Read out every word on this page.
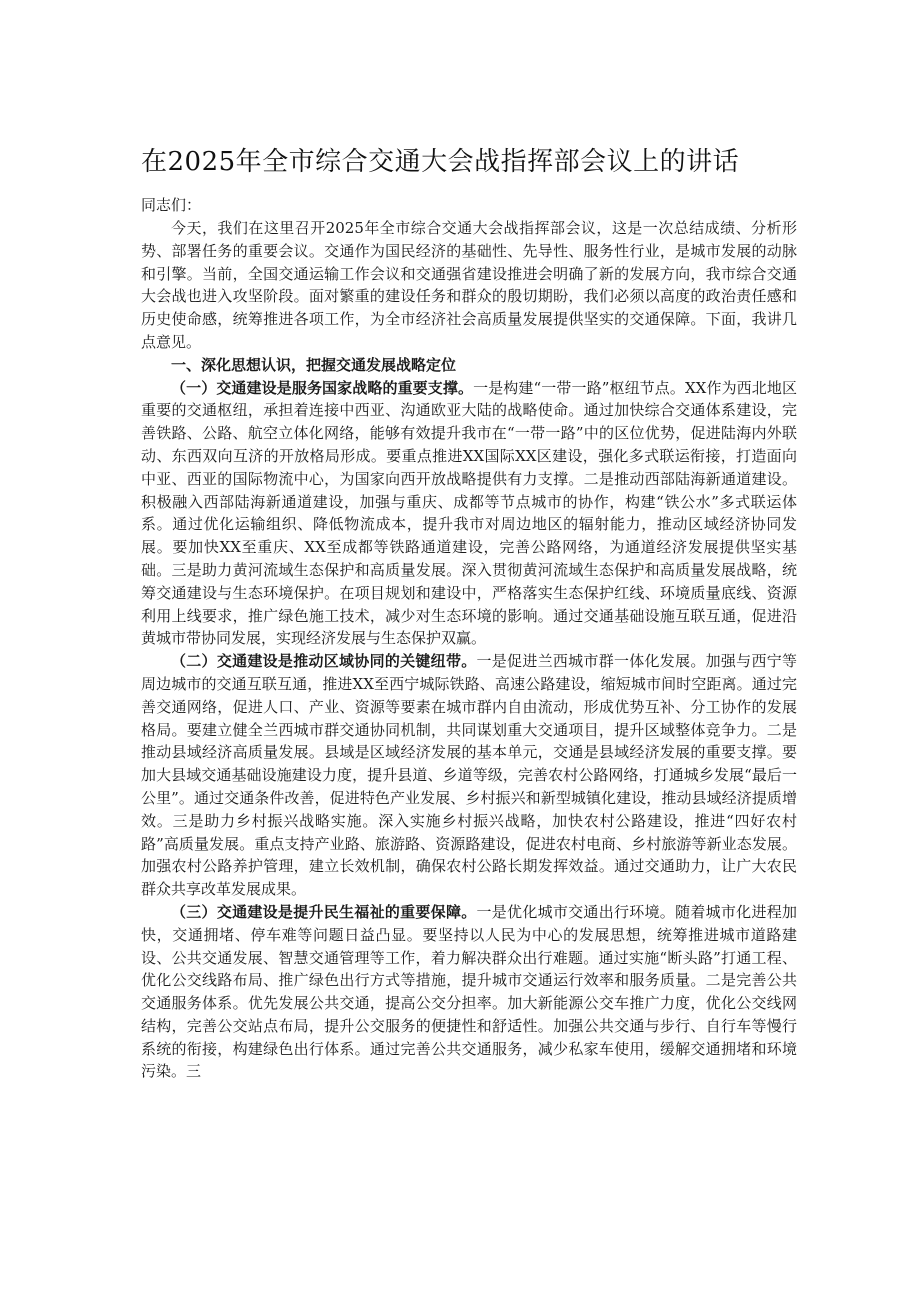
在2025年全市综合交通大会战指挥部会议上的讲话

同志们：

今天，我们在这里召开2025年全市综合交通大会战指挥部会议，这是一次总结成绩、分析形势、部署任务的重要会议。交通作为国民经济的基础性、先导性、服务性行业，是城市发展的动脉和引擎。当前，全国交通运输工作会议和交通强省建设推进会明确了新的发展方向，我市综合交通大会战也进入攻坚阶段。面对繁重的建设任务和群众的殷切期盼，我们必须以高度的政治责任感和历史使命感，统筹推进各项工作，为全市经济社会高质量发展提供坚实的交通保障。下面，我讲几点意见。

一、深化思想认识，把握交通发展战略定位

（一）交通建设是服务国家战略的重要支撑。一是构建“一带一路”枢纽节点。XX作为西北地区重要的交通枢纽，承担着连接中西亚、沟通欧亚大陆的战略使命。通过加快综合交通体系建设，完善铁路、公路、航空立体化网络，能够有效提升我市在“一带一路”中的区位优势，促进陆海内外联动、东西双向互济的开放格局形成。要重点推进XX国际XX区建设，强化多式联运衔接，打造面向中亚、西亚的国际物流中心，为国家向西开放战略提供有力支撑。二是推动西部陆海新通道建设。积极融入西部陆海新通道建设，加强与重庆、成都等节点城市的协作，构建“铁公水”多式联运体系。通过优化运输组织、降低物流成本，提升我市对周边地区的辐射能力，推动区域经济协同发展。要加快XX至重庆、XX至成都等铁路通道建设，完善公路网络，为通道经济发展提供坚实基础。三是助力黄河流域生态保护和高质量发展。深入贯彻黄河流域生态保护和高质量发展战略，统筹交通建设与生态环境保护。在项目规划和建设中，严格落实生态保护红线、环境质量底线、资源利用上线要求，推广绿色施工技术，减少对生态环境的影响。通过交通基础设施互联互通，促进沿黄城市带协同发展，实现经济发展与生态保护双赢。

（二）交通建设是推动区域协同的关键纽带。一是促进兰西城市群一体化发展。加强与西宁等周边城市的交通互联互通，推进XX至西宁城际铁路、高速公路建设，缩短城市间时空距离。通过完善交通网络，促进人口、产业、资源等要素在城市群内自由流动，形成优势互补、分工协作的发展格局。要建立健全兰西城市群交通协同机制，共同谋划重大交通项目，提升区域整体竞争力。二是推动县域经济高质量发展。县域是区域经济发展的基本单元，交通是县域经济发展的重要支撑。要加大县域交通基础设施建设力度，提升县道、乡道等级，完善农村公路网络，打通城乡发展“最后一公里”。通过交通条件改善，促进特色产业发展、乡村振兴和新型城镇化建设，推动县域经济提质增效。三是助力乡村振兴战略实施。深入实施乡村振兴战略，加快农村公路建设，推进“四好农村路”高质量发展。重点支持产业路、旅游路、资源路建设，促进农村电商、乡村旅游等新业态发展。加强农村公路养护管理，建立长效机制，确保农村公路长期发挥效益。通过交通助力，让广大农民群众共享改革发展成果。

（三）交通建设是提升民生福祉的重要保障。一是优化城市交通出行环境。随着城市化进程加快，交通拥堵、停车难等问题日益凸显。要坚持以人民为中心的发展思想，统筹推进城市道路建设、公共交通发展、智慧交通管理等工作，着力解决群众出行难题。通过实施“断头路”打通工程、优化公交线路布局、推广绿色出行方式等措施，提升城市交通运行效率和服务质量。二是完善公共交通服务体系。优先发展公共交通，提高公交分担率。加大新能源公交车推广力度，优化公交线网结构，完善公交站点布局，提升公交服务的便捷性和舒适性。加强公共交通与步行、自行车等慢行系统的衔接，构建绿色出行体系。通过完善公共交通服务，减少私家车使用，缓解交通拥堵和环境污染。三
